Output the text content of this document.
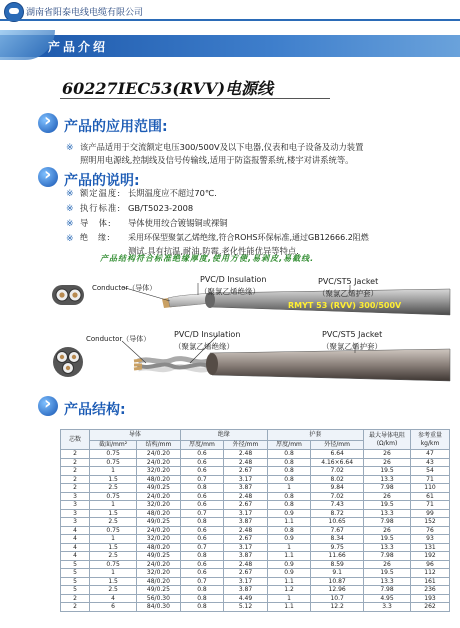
湖南省阳泰电线电缆有限公司
产品介绍
60227IEC53(RVV)电源线
›
产品的应用范围:
※ 该产品适用于交流额定电压300/500V及以下电器,仪表和电子设备及动力装置
照明用电源线,控制线及信号传输线,适用于防盗报警系统,楼宇对讲系统等。
›
产品的说明:
※ 额定温度: 长期温度应不超过70℃.
※ 执行标准: GB/T5023-2008
※ 导　体: 导体使用绞合镀锡铜或裸铜
※ 绝　缘: 采用环保型聚氯乙烯绝缘,符合ROHS环保标准,通过GB12666.2阻燃
测试.具有抗温,耐油,防霉,老化性能优异等特点.
产品结构符合标准绝缘厚度,使用方便,易剥皮,易截线.
RMYT 53 (RVV) 300/500V
Conductor（导体）
PVC/D Insulation
（聚氯乙烯绝缘）
PVC/ST5 Jacket
（聚氯乙烯护套）
Conductor（导体）	PVC/D Insulation
（聚氯乙烯绝缘）
PVC/ST5 Jacket
（聚氯乙烯护套）
›
产品结构:
芯数	导体		绝缘		护套		最大导体电阻
(Ω/km)	参考重量
kg/km
	截面/mm²	结构/mm	厚度/mm	外径/mm	厚度/mm	外径/mm		
2	0.75	24/0.20	0.6	2.48	0.8	6.64	26	47
2	0.75	24/0.20	0.6	2.48	0.8	4.16×6.64	26	43
2	1	32/0.20	0.6	2.67	0.8	7.02	19.5	54
2	1.5	48/0.20	0.7	3.17	0.8	8.02	13.3	71
2	2.5	49/0.25	0.8	3.87	1	9.84	7.98	110
3	0.75	24/0.20	0.6	2.48	0.8	7.02	26	61
3	1	32/0.20	0.6	2.67	0.8	7.43	19.5	71
3	1.5	48/0.20	0.7	3.17	0.9	8.72	13.3	99
3	2.5	49/0.25	0.8	3.87	1.1	10.65	7.98	152
4	0.75	24/0.20	0.6	2.48	0.8	7.67	26	76
4	1	32/0.20	0.6	2.67	0.9	8.34	19.5	93
4	1.5	48/0.20	0.7	3.17	1	9.75	13.3	131
4	2.5	49/0.25	0.8	3.87	1.1	11.66	7.98	192
5	0.75	24/0.20	0.6	2.48	0.9	8.59	26	96
5	1	32/0.20	0.6	2.67	0.9	9.1	19.5	112
5	1.5	48/0.20	0.7	3.17	1.1	10.87	13.3	161
5	2.5	49/0.25	0.8	3.87	1.2	12.96	7.98	236
2	4	56/0.30	0.8	4.49	1	10.7	4.95	193
2	6	84/0.30	0.8	5.12	1.1	12.2	3.3	262
